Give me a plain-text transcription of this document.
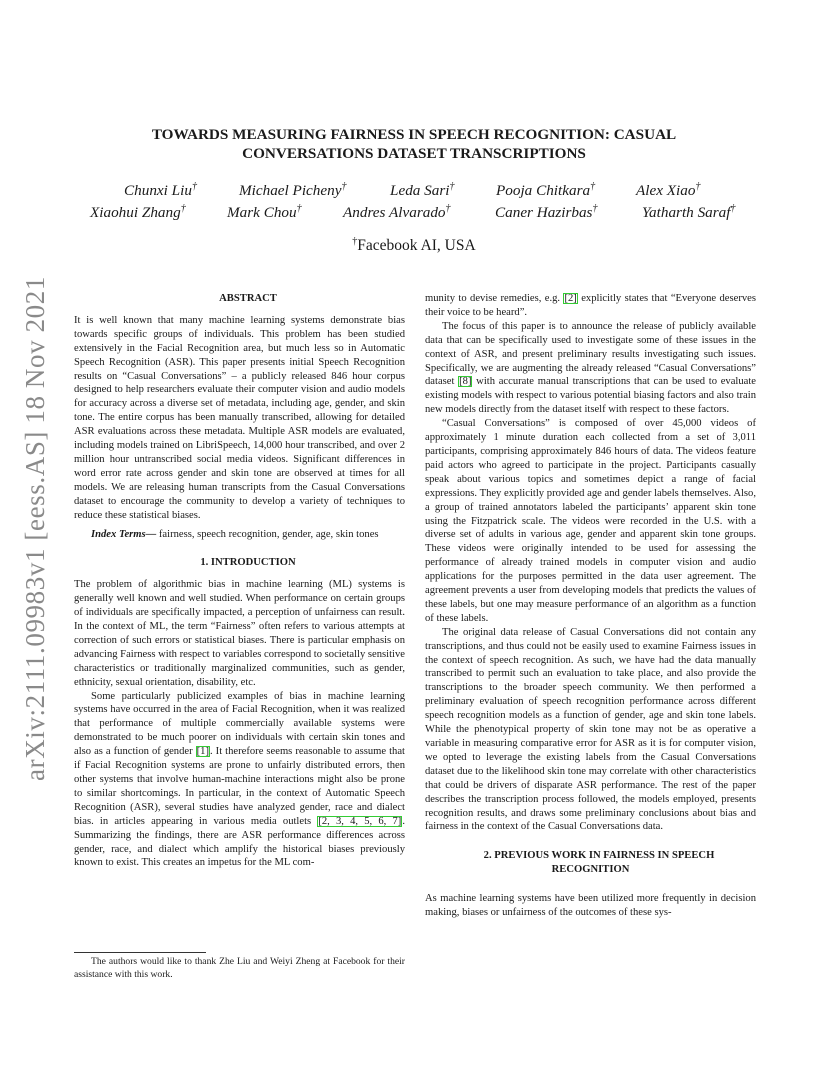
arXiv:2111.09983v1 [eess.AS] 18 Nov 2021
TOWARDS MEASURING FAIRNESS IN SPEECH RECOGNITION: CASUAL
CONVERSATIONS DATASET TRANSCRIPTIONS
Chunxi Liu†	Michael Picheny†	Leda Sari†	Pooja Chitkara†	Alex Xiao†
Xiaohui Zhang†	Mark Chou†	Andres Alvarado†	Caner Hazirbas†	Yatharth Saraf†
†Facebook AI, USA

ABSTRACT

It is well known that many machine learning systems demonstrate bias towards specific groups of individuals. This problem has been studied extensively in the Facial Recognition area, but much less so in Automatic Speech Recognition (ASR). This paper presents initial Speech Recognition results on “Casual Conversations” – a publicly released 846 hour corpus designed to help researchers evaluate their computer vision and audio models for accuracy across a diverse set of metadata, including age, gender, and skin tone. The entire corpus has been manually transcribed, allowing for detailed ASR evaluations across these metadata. Multiple ASR models are evaluated, including models trained on LibriSpeech, 14,000 hour transcribed, and over 2 million hour untranscribed social media videos. Significant differences in word error rate across gender and skin tone are observed at times for all models. We are releasing human transcripts from the Casual Conversations dataset to encourage the community to develop a variety of techniques to reduce these statistical biases.

Index Terms— fairness, speech recognition, gender, age, skin tones

1. INTRODUCTION

The problem of algorithmic bias in machine learning (ML) systems is generally well known and well studied. When performance on certain groups of individuals are specifically impacted, a perception of unfairness can result. In the context of ML, the term “Fairness” often refers to various attempts at correction of such errors or statistical biases. There is particular emphasis on advancing Fairness with respect to variables correspond to societally sensitive characteristics or traditionally marginalized communities, such as gender, ethnicity, sexual orientation, disability, etc.

Some particularly publicized examples of bias in machine learning systems have occurred in the area of Facial Recognition, when it was realized that performance of multiple commercially available systems were demonstrated to be much poorer on individuals with certain skin tones and also as a function of gender [1]. It therefore seems reasonable to assume that if Facial Recognition systems are prone to unfairly distributed errors, then other systems that involve human-machine interactions might also be prone to similar shortcomings. In particular, in the context of Automatic Speech Recognition (ASR), several studies have analyzed gender, race and dialect bias. in articles appearing in various media outlets [2, 3, 4, 5, 6, 7]. Summarizing the findings, there are ASR performance differences across gender, race, and dialect which amplify the historical biases previously known to exist. This creates an impetus for the ML com-

The authors would like to thank Zhe Liu and Weiyi Zheng at Facebook for their assistance with this work.

munity to devise remedies, e.g. [2] explicitly states that “Everyone deserves their voice to be heard”.

The focus of this paper is to announce the release of publicly available data that can be specifically used to investigate some of these issues in the context of ASR, and present preliminary results investigating such issues. Specifically, we are augmenting the already released “Casual Conversations” dataset [8] with accurate manual transcriptions that can be used to evaluate existing models with respect to various potential biasing factors and also train new models directly from the dataset itself with respect to these factors.

“Casual Conversations” is composed of over 45,000 videos of approximately 1 minute duration each collected from a set of 3,011 participants, comprising approximately 846 hours of data. The videos feature paid actors who agreed to participate in the project. Participants casually speak about various topics and sometimes depict a range of facial expressions. They explicitly provided age and gender labels themselves. Also, a group of trained annotators labeled the participants’ apparent skin tone using the Fitzpatrick scale. The videos were recorded in the U.S. with a diverse set of adults in various age, gender and apparent skin tone groups. These videos were originally intended to be used for assessing the performance of already trained models in computer vision and audio applications for the purposes permitted in the data user agreement. The agreement prevents a user from developing models that predicts the values of these labels, but one may measure performance of an algorithm as a function of these labels.

The original data release of Casual Conversations did not contain any transcriptions, and thus could not be easily used to examine Fairness issues in the context of speech recognition. As such, we have had the data manually transcribed to permit such an evaluation to take place, and also provide the transcriptions to the broader speech community. We then performed a preliminary evaluation of speech recognition performance across different speech recognition models as a function of gender, age and skin tone labels. While the phenotypical property of skin tone may not be as operative a variable in measuring comparative error for ASR as it is for computer vision, we opted to leverage the existing labels from the Casual Conversations dataset due to the likelihood skin tone may correlate with other characteristics that could be drivers of disparate ASR performance. The rest of the paper describes the transcription process followed, the models employed, presents recognition results, and draws some preliminary conclusions about bias and fairness in the context of the Casual Conversations data.

2. PREVIOUS WORK IN FAIRNESS IN SPEECH
RECOGNITION

As machine learning systems have been utilized more frequently in decision making, biases or unfairness of the outcomes of these sys-
